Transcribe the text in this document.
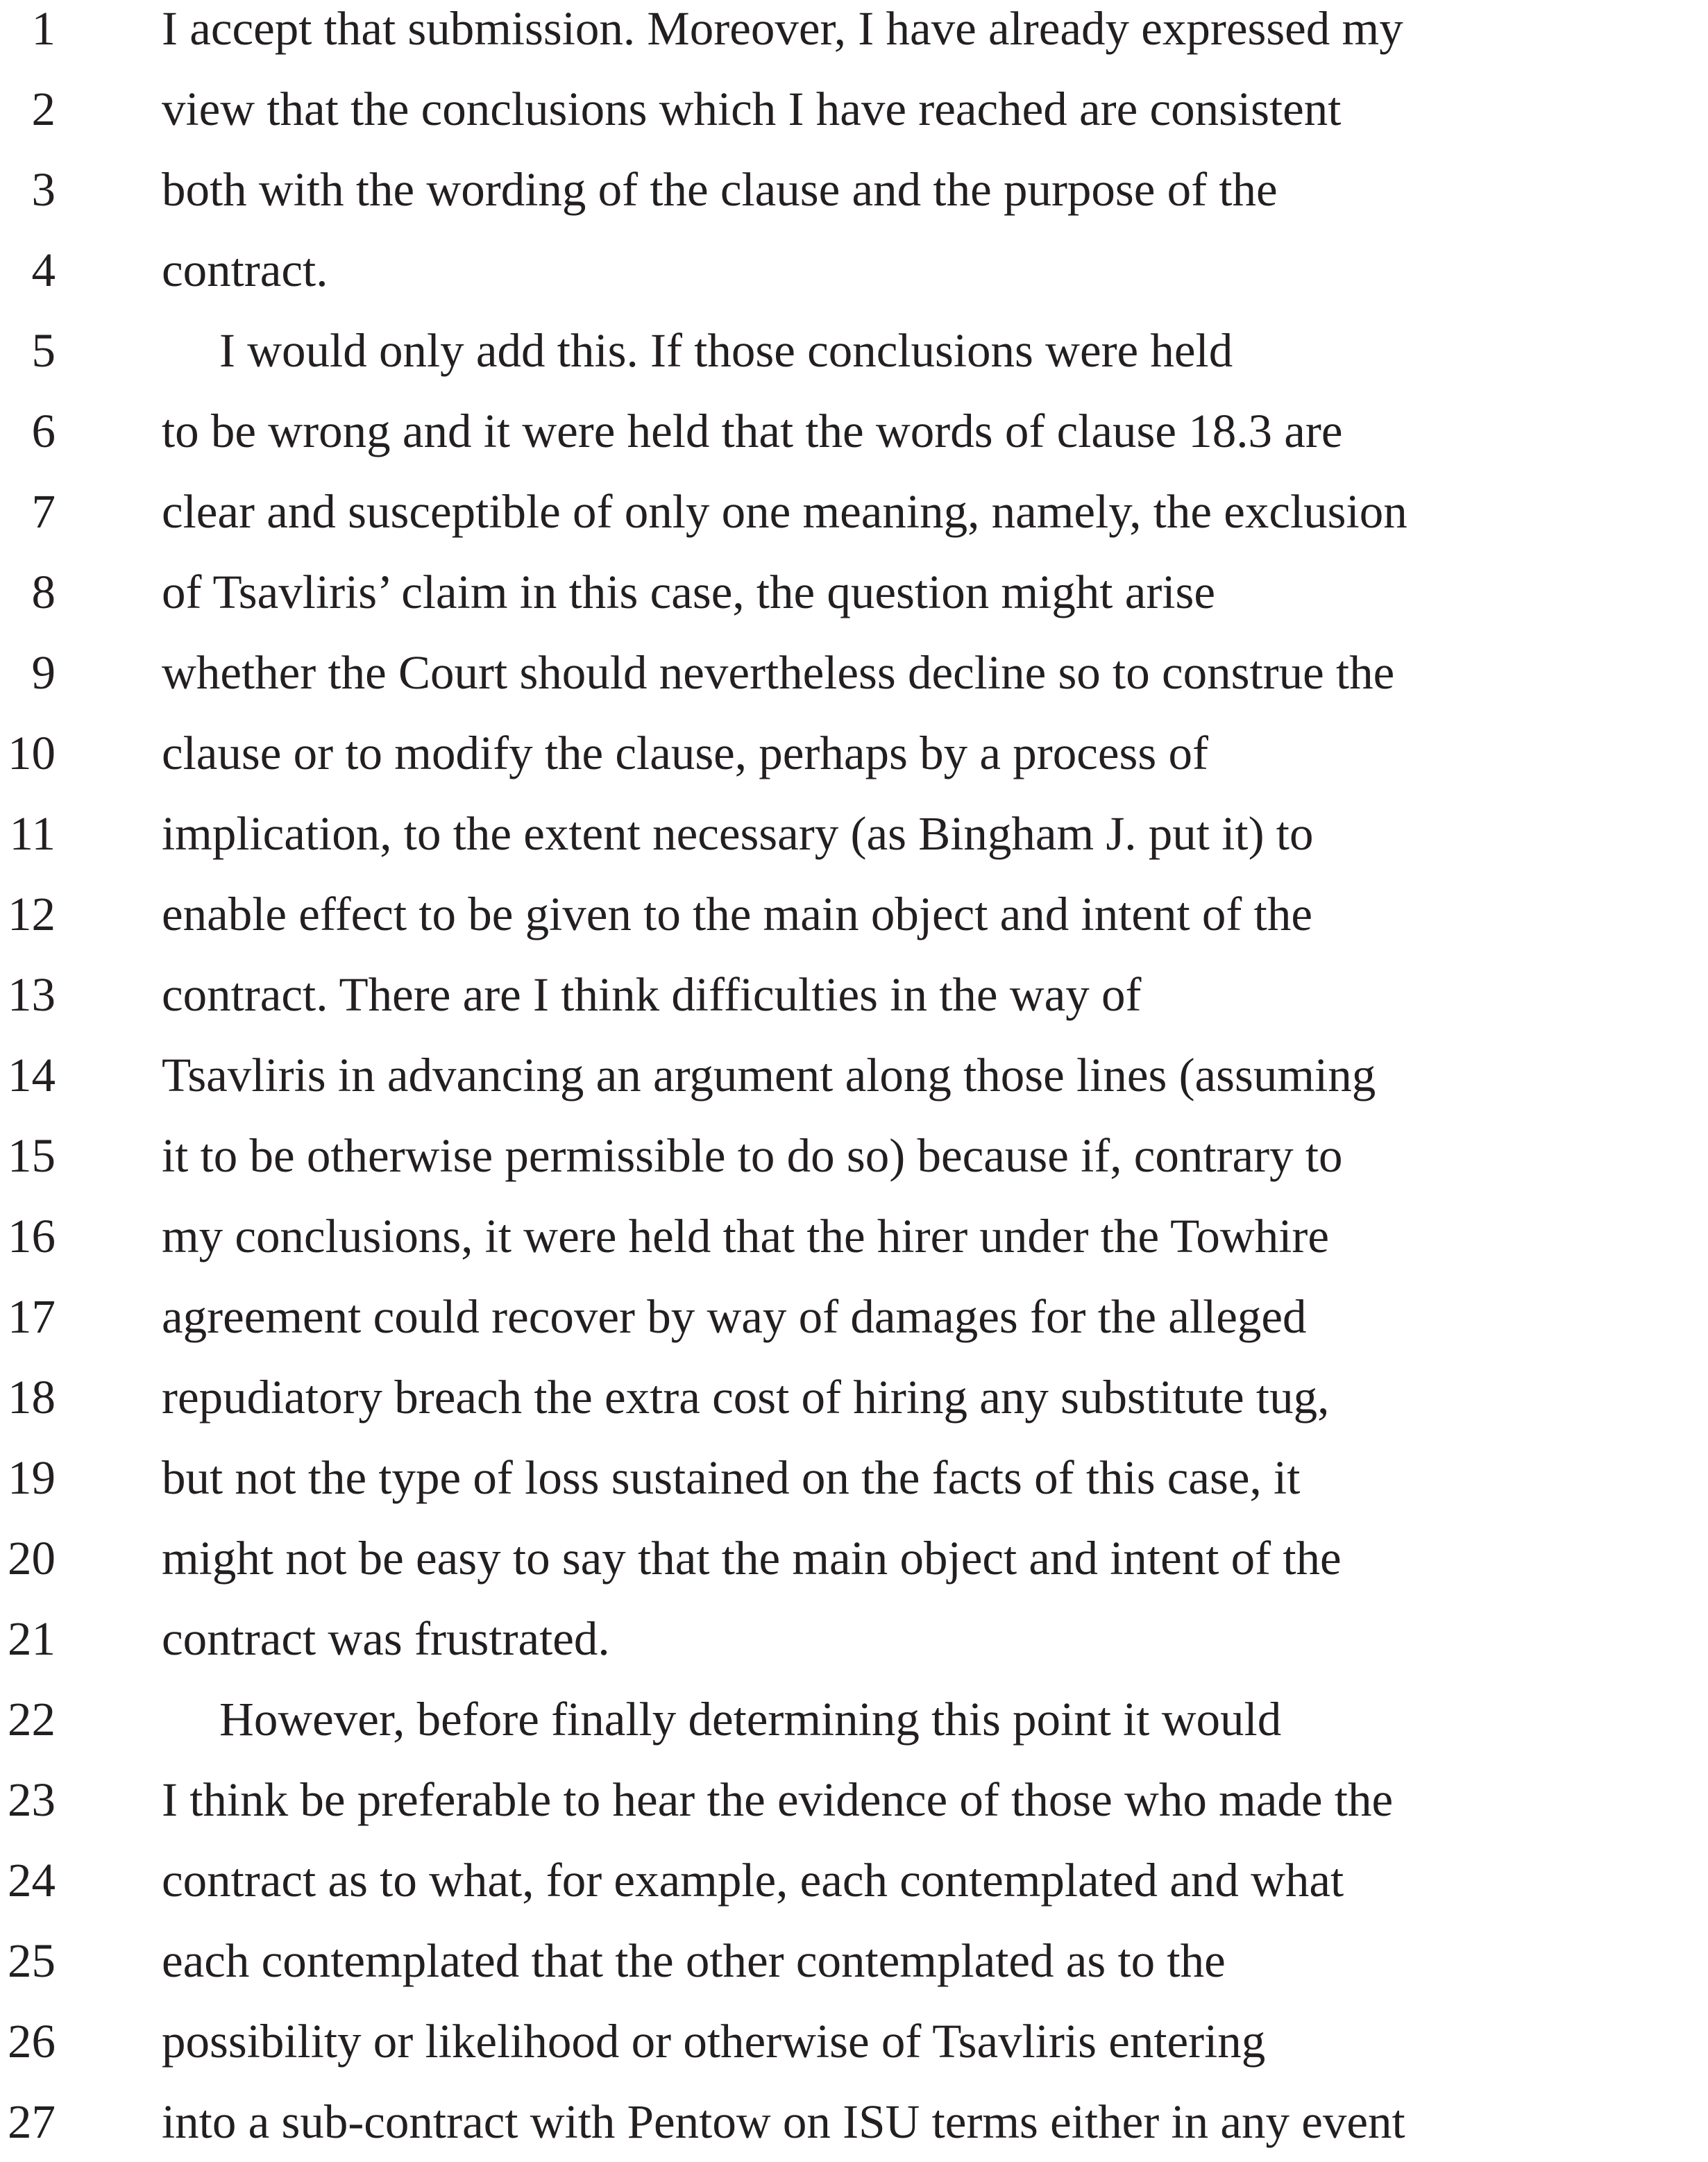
1 I accept that submission. Moreover, I have already expressed my
2 view that the conclusions which I have reached are consistent
3 both with the wording of the clause and the purpose of the
4 contract.
5	I would only add this. If those conclusions were held
6 to be wrong and it were held that the words of clause 18.3 are
7 clear and susceptible of only one meaning, namely, the exclusion
8 of Tsavliris’ claim in this case, the question might arise
9 whether the Court should nevertheless decline so to construe the
10 clause or to modify the clause, perhaps by a process of
11 implication, to the extent necessary (as Bingham J. put it) to
12 enable effect to be given to the main object and intent of the
13 contract. There are I think difficulties in the way of
14 Tsavliris in advancing an argument along those lines (assuming
15 it to be otherwise permissible to do so) because if, contrary to
16 my conclusions, it were held that the hirer under the Towhire
17 agreement could recover by way of damages for the alleged
18 repudiatory breach the extra cost of hiring any substitute tug,
19 but not the type of loss sustained on the facts of this case, it
20 might not be easy to say that the main object and intent of the
21 contract was frustrated.
22	However, before finally determining this point it would
23 I think be preferable to hear the evidence of those who made the
24 contract as to what, for example, each contemplated and what
25 each contemplated that the other contemplated as to the
26 possibility or likelihood or otherwise of Tsavliris entering
27 into a sub-contract with Pentow on ISU terms either in any event
